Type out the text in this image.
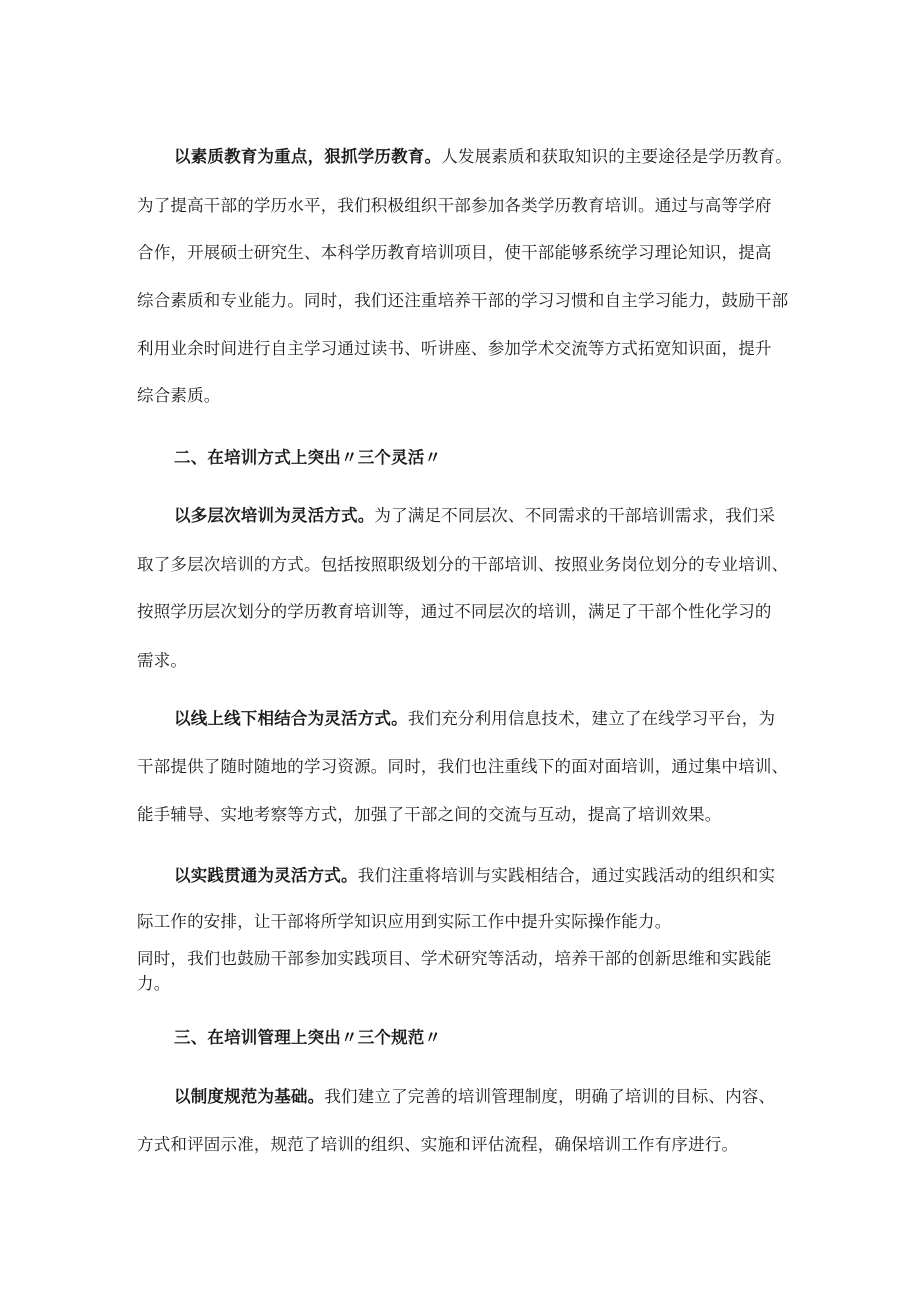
以素质教育为重点，狠抓学历教育。人发展素质和获取知识的主要途径是学历教育。
为了提高干部的学历水平，我们积极组织干部参加各类学历教育培训。通过与高等学府
合作，开展硕士研究生、本科学历教育培训项目，使干部能够系统学习理论知识，提高
综合素质和专业能力。同时，我们还注重培养干部的学习习惯和自主学习能力，鼓励干部
利用业余时间进行自主学习通过读书、听讲座、参加学术交流等方式拓宽知识面，提升
综合素质。
二、在培训方式上突出〃三个灵活〃
以多层次培训为灵活方式。为了满足不同层次、不同需求的干部培训需求，我们采
取了多层次培训的方式。包括按照职级划分的干部培训、按照业务岗位划分的专业培训、
按照学历层次划分的学历教育培训等，通过不同层次的培训，满足了干部个性化学习的
需求。
以线上线下相结合为灵活方式。我们充分利用信息技术，建立了在线学习平台，为
干部提供了随时随地的学习资源。同时，我们也注重线下的面对面培训，通过集中培训、
能手辅导、实地考察等方式，加强了干部之间的交流与互动，提高了培训效果。
以实践贯通为灵活方式。我们注重将培训与实践相结合，通过实践活动的组织和实
际工作的安排，让干部将所学知识应用到实际工作中提升实际操作能力。
同时，我们也鼓励干部参加实践项目、学术研究等活动，培养干部的创新思维和实践能
力。
三、在培训管理上突出〃三个规范〃
以制度规范为基础。我们建立了完善的培训管理制度，明确了培训的目标、内容、
方式和评固示准，规范了培训的组织、实施和评估流程，确保培训工作有序进行。
